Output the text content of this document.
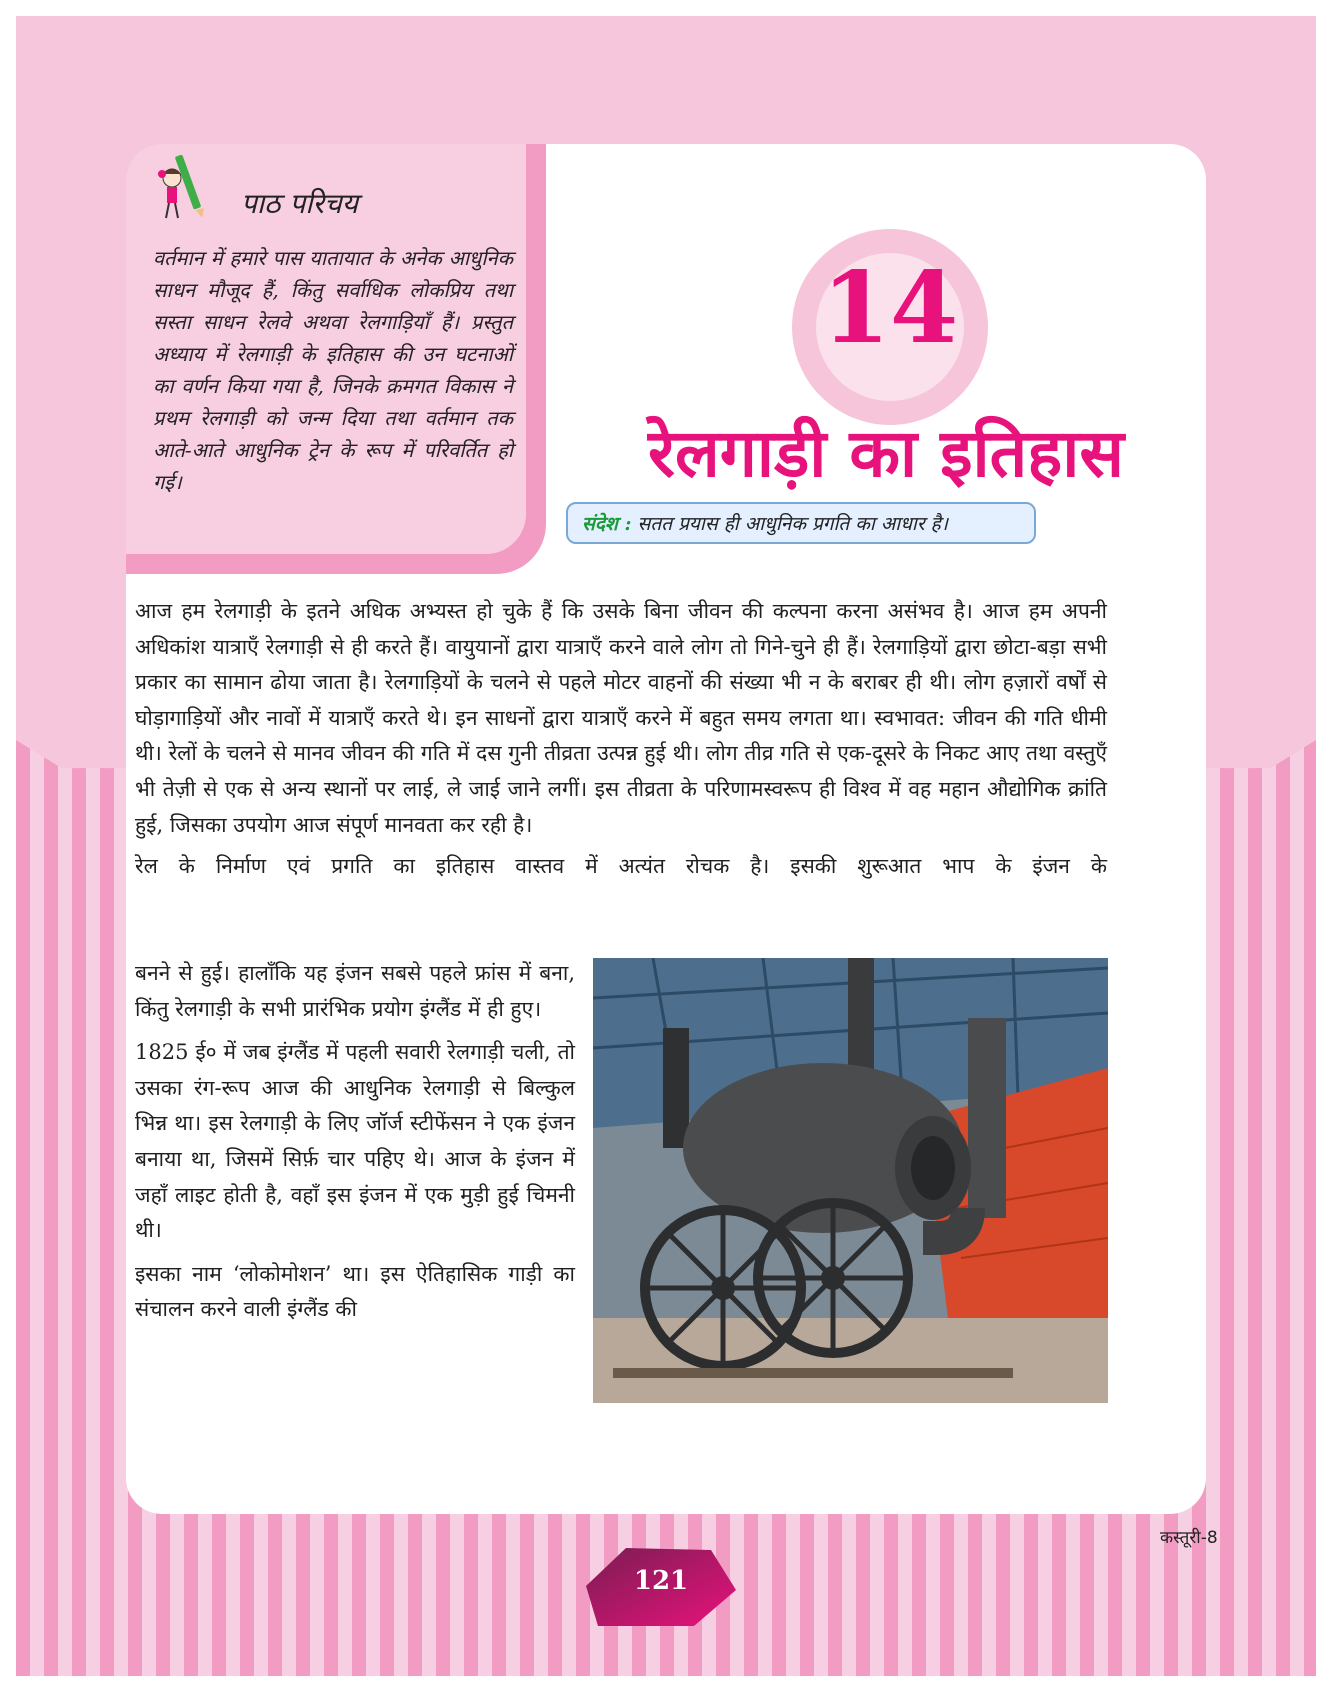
पाठ परिचय
वर्तमान में हमारे पास यातायात के अनेक आधुनिक साधन मौजूद हैं, किंतु सर्वाधिक लोकप्रिय तथा सस्ता साधन रेलवे अथवा रेलगाड़ियाँ हैं। प्रस्तुत अध्याय में रेलगाड़ी के इतिहास की उन घटनाओं का वर्णन किया गया है, जिनके क्रमगत विकास ने प्रथम रेलगाड़ी को जन्म दिया तथा वर्तमान तक आते-आते आधुनिक ट्रेन के रूप में परिवर्तित हो गई।
14
रेलगाड़ी का इतिहास
संदेश : सतत प्रयास ही आधुनिक प्रगति का आधार है।

आज हम रेलगाड़ी के इतने अधिक अभ्यस्त हो चुके हैं कि उसके बिना जीवन की कल्पना करना असंभव है। आज हम अपनी अधिकांश यात्राएँ रेलगाड़ी से ही करते हैं। वायुयानों द्वारा यात्राएँ करने वाले लोग तो गिने-चुने ही हैं। रेलगाड़ियों द्वारा छोटा-बड़ा सभी प्रकार का सामान ढोया जाता है। रेलगाड़ियों के चलने से पहले मोटर वाहनों की संख्या भी न के बराबर ही थी। लोग हज़ारों वर्षों से घोड़ागाड़ियों और नावों में यात्राएँ करते थे। इन साधनों द्वारा यात्राएँ करने में बहुत समय लगता था। स्वभावत: जीवन की गति धीमी थी। रेलों के चलने से मानव जीवन की गति में दस गुनी तीव्रता उत्पन्न हुई थी। लोग तीव्र गति से एक-दूसरे के निकट आए तथा वस्तुएँ भी तेज़ी से एक से अन्य स्थानों पर लाई, ले जाई जाने लगीं। इस तीव्रता के परिणामस्वरूप ही विश्व में वह महान औद्योगिक क्रांति हुई, जिसका उपयोग आज संपूर्ण मानवता कर रही है।

रेल के निर्माण एवं प्रगति का इतिहास वास्तव में अत्यंत रोचक है। इसकी शुरूआत भाप के इंजन के

बनने से हुई। हालाँकि यह इंजन सबसे पहले फ्रांस में बना, किंतु रेलगाड़ी के सभी प्रारंभिक प्रयोग इंग्लैंड में ही हुए।

1825 ई० में जब इंग्लैंड में पहली सवारी रेलगाड़ी चली, तो उसका रंग-रूप आज की आधुनिक रेलगाड़ी से बिल्कुल भिन्न था। इस रेलगाड़ी के लिए जॉर्ज स्टीफेंसन ने एक इंजन बनाया था, जिसमें सिर्फ़ चार पहिए थे। आज के इंजन में जहाँ लाइट होती है, वहाँ इस इंजन में एक मुड़ी हुई चिमनी थी।

इसका नाम ‘लोकोमोशन’ था। इस ऐतिहासिक गाड़ी का संचालन करने वाली इंग्लैंड की

कस्तूरी-8
121
